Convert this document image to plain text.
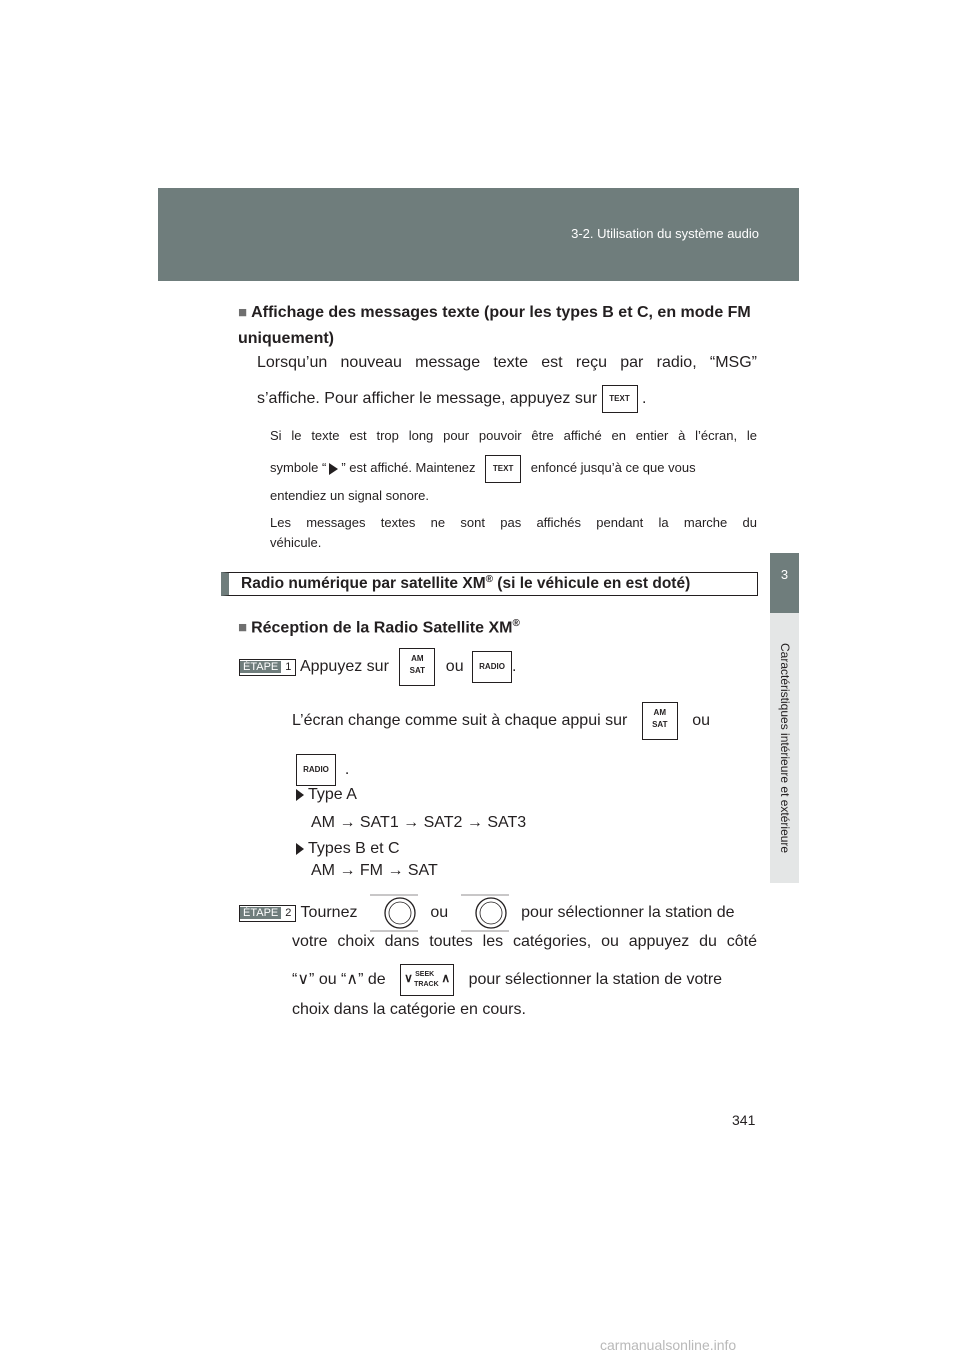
3-2. Utilisation du système audio
3
Caractéristiques intérieure et extérieure
■ Affichage des messages texte (pour les types B et C, en mode FM uniquement)
Lorsqu’un nouveau message texte est reçu par radio, “MSG”
s’affiche. Pour afficher le message, appuyez sur TEXT .
Si le texte est trop long pour pouvoir être affiché en entier à l’écran, le
symbole “ ” est affiché. Maintenez TEXT enfoncé jusqu’à ce que vous
entendiez un signal sonore.
Les messages textes ne sont pas affichés pendant la marche du
véhicule.
Radio numérique par satellite XM® (si le véhicule en est doté)
■ Réception de la Radio Satellite XM®
ÉTAPE 1 Appuyez sur	AM
SAT ou RADIO .
L’écran change comme suit à chaque appui sur	AM
SAT ou
RADIO  .
Type A
AM → SAT1 → SAT2 → SAT3
Types B et C
AM → FM → SAT
ÉTAPE 2 Tournez	ou	pour sélectionner la station de
votre choix dans toutes les catégories, ou appuyez du côté
“∨” ou “∧” de ∨ SEEK
TRACK ∧ pour sélectionner la station de votre
choix dans la catégorie en cours.
341
carmanualsonline.info
